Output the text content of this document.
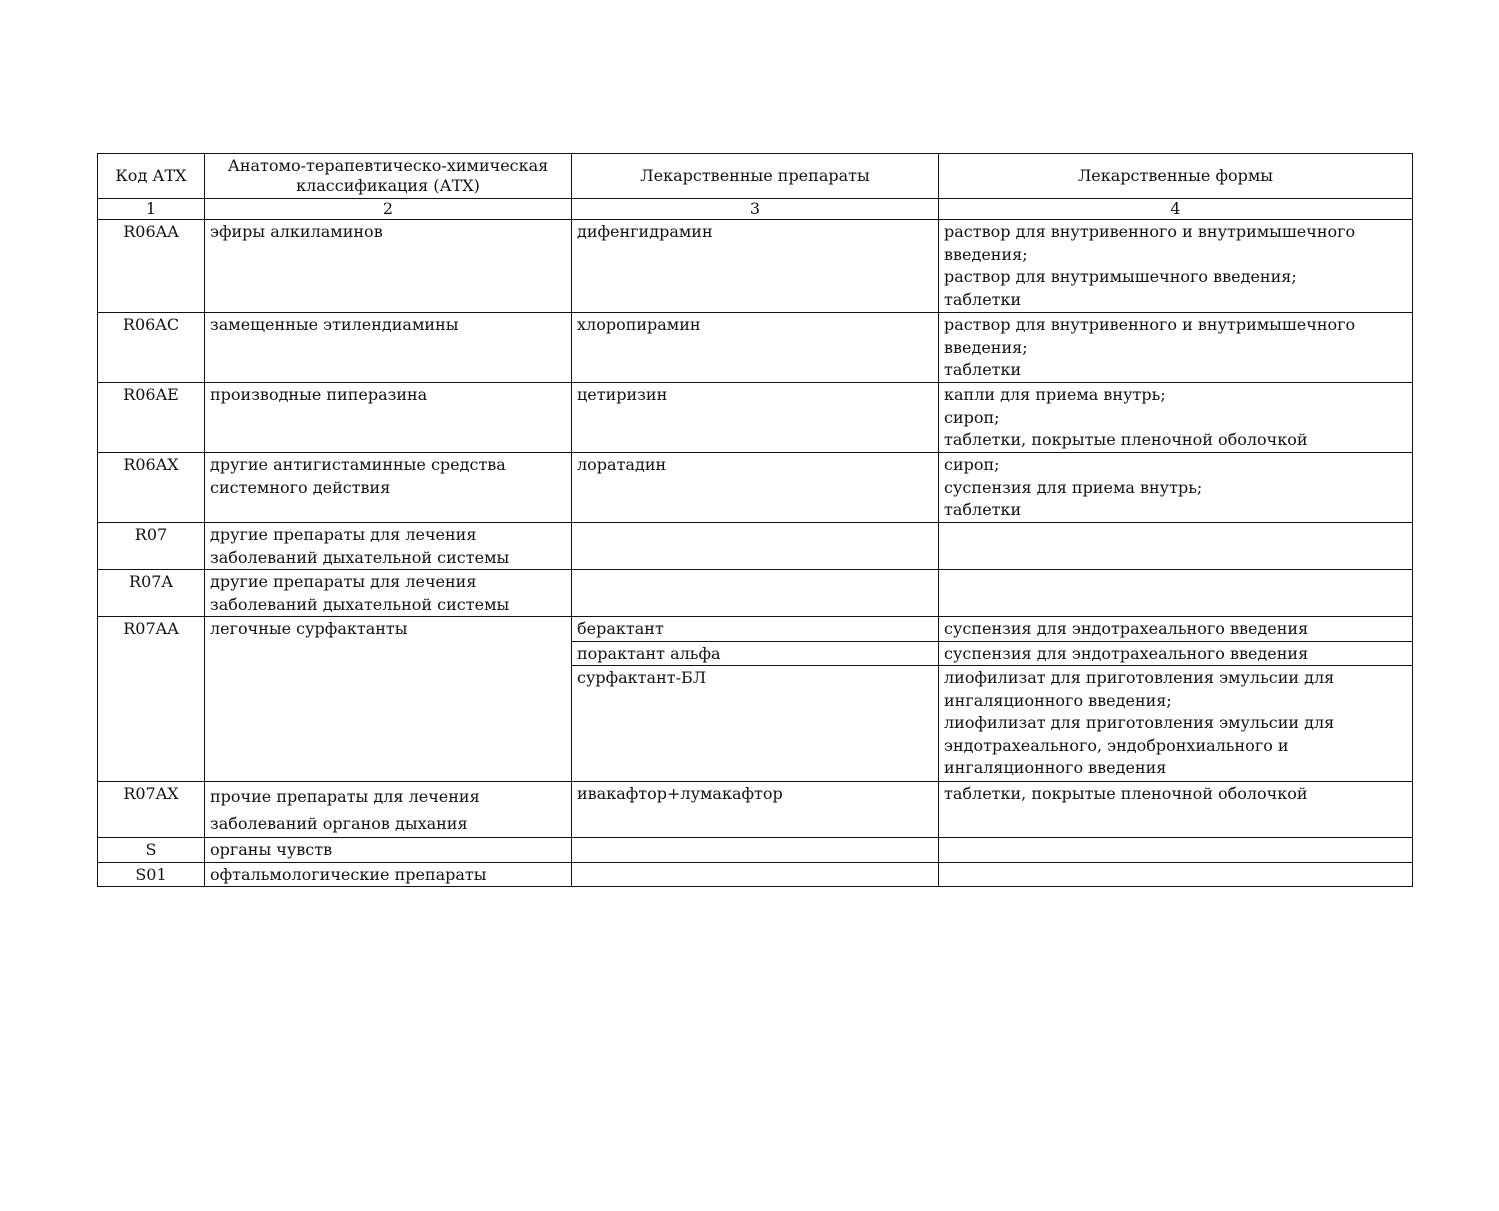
Код АТХ	Анатомо-терапевтическо-химическая
классификация (АТХ)	Лекарственные препараты	Лекарственные формы
1	2	3	4
R06AA	эфиры алкиламинов	дифенгидрамин	раствор для внутривенного и внутримышечного
введения;
раствор для внутримышечного введения;
таблетки

R06AC	замещенные этилендиамины	хлоропирамин	раствор для внутривенного и внутримышечного
введения;
таблетки

R06AE	производные пиперазина	цетиризин	капли для приема внутрь;
сироп;
таблетки, покрытые пленочной оболочкой

R06AX	другие антигистаминные средства
системного действия	лоратадин	сироп;
суспензия для приема внутрь;
таблетки

R07	другие препараты для лечения
заболеваний дыхательной системы		

R07A	другие препараты для лечения
заболеваний дыхательной системы		

R07AA	легочные сурфактанты	берактант	суспензия для эндотрахеального введения

		порактант альфа	суспензия для эндотрахеального введения

		сурфактант-БЛ	лиофилизат для приготовления эмульсии для
ингаляционного введения;
лиофилизат для приготовления эмульсии для
эндотрахеального, эндобронхиального и
ингаляционного введения

R07AX	прочие препараты для лечения
заболеваний органов дыхания	ивакафтор+лумакафтор	таблетки, покрытые пленочной оболочкой

S	органы чувств		
S01	офтальмологические препараты		
